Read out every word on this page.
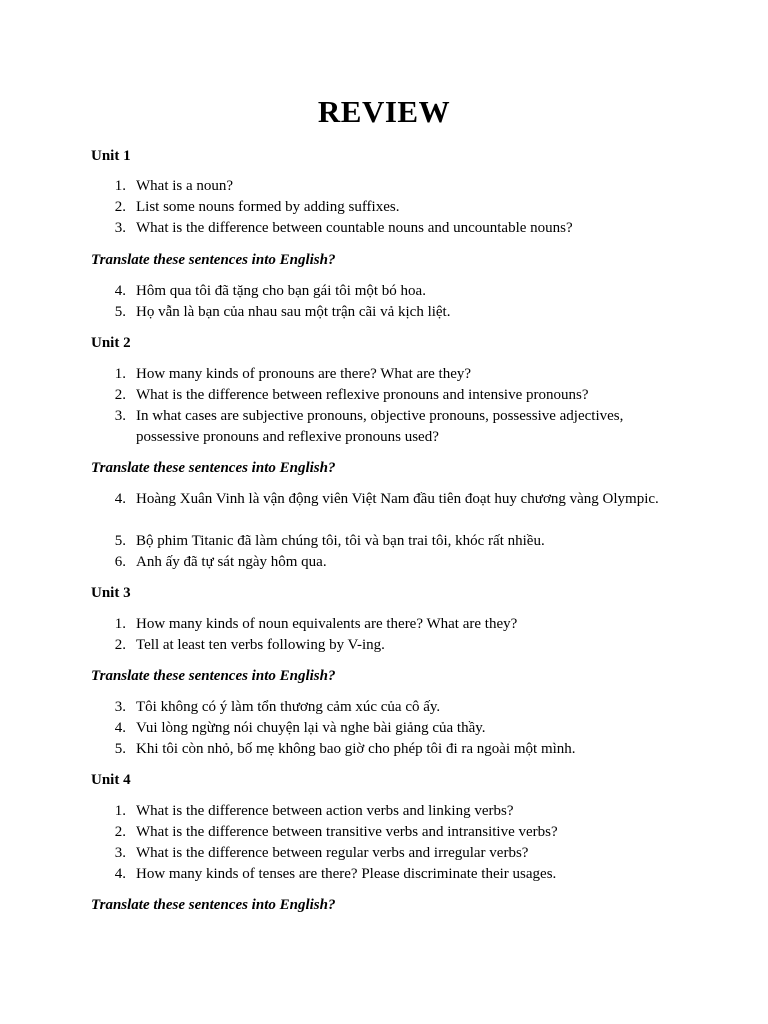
REVIEW
Unit 1
1. What is a noun?
2. List some nouns formed by adding suffixes.
3. What is the difference between countable nouns and uncountable nouns?
Translate these sentences into English?
4. Hôm qua tôi đã tặng cho bạn gái tôi một bó hoa.
5. Họ vẫn là bạn của nhau sau một trận cãi vả kịch liệt.
Unit 2
1. How many kinds of pronouns are there? What are they?
2. What is the difference between reflexive pronouns and intensive pronouns?
3. In what cases are subjective pronouns, objective pronouns, possessive adjectives, possessive pronouns and reflexive pronouns used?
Translate these sentences into English?
4. Hoàng Xuân Vinh là vận động viên Việt Nam đầu tiên đoạt huy chương vàng Olympic.
5. Bộ phim Titanic đã làm chúng tôi, tôi và bạn trai tôi, khóc rất nhiều.
6. Anh ấy đã tự sát ngày hôm qua.
Unit 3
1. How many kinds of noun equivalents are there? What are they?
2. Tell at least ten verbs following by V-ing.
Translate these sentences into English?
3. Tôi không có ý làm tổn thương cảm xúc của cô ấy.
4. Vui lòng ngừng nói chuyện lại và nghe bài giảng của thầy.
5. Khi tôi còn nhỏ, bố mẹ không bao giờ cho phép tôi đi ra ngoài một mình.
Unit 4
1. What is the difference between action verbs and linking verbs?
2. What is the difference between transitive verbs and intransitive verbs?
3. What is the difference between regular verbs and irregular verbs?
4. How many kinds of tenses are there? Please discriminate their usages.
Translate these sentences into English?
